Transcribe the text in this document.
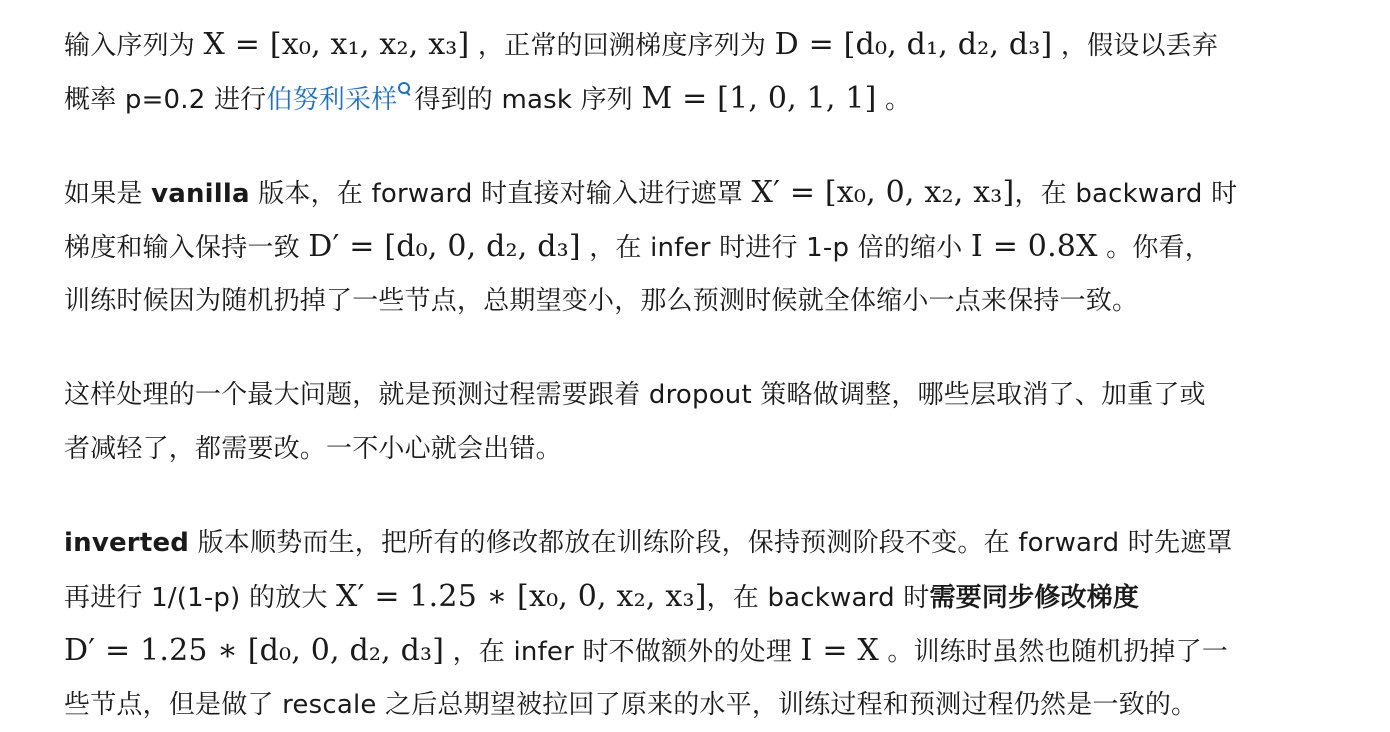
输入序列为 X = [x₀, x₁, x₂, x₃] ，正常的回溯梯度序列为 D = [d₀, d₁, d₂, d₃] ，假设以丢弃
概率 p=0.2 进行伯努利采样 得到的 mask 序列 M = [1, 0, 1, 1] 。

如果是 vanilla 版本，在 forward 时直接对输入进行遮罩 X′ = [x₀, 0, x₂, x₃]，在 backward 时
梯度和输入保持一致 D′ = [d₀, 0, d₂, d₃] ，在 infer 时进行 1-p 倍的缩小 I = 0.8X 。你看，
训练时候因为随机扔掉了一些节点，总期望变小，那么预测时候就全体缩小一点来保持一致。

这样处理的一个最大问题，就是预测过程需要跟着 dropout 策略做调整，哪些层取消了、加重了或
者减轻了，都需要改。一不小心就会出错。

inverted 版本顺势而生，把所有的修改都放在训练阶段，保持预测阶段不变。在 forward 时先遮罩
再进行 1/(1-p) 的放大 X′ = 1.25 ∗ [x₀, 0, x₂, x₃]，在 backward 时需要同步修改梯度
D′ = 1.25 ∗ [d₀, 0, d₂, d₃] ，在 infer 时不做额外的处理 I = X 。训练时虽然也随机扔掉了一
些节点，但是做了 rescale 之后总期望被拉回了原来的水平，训练过程和预测过程仍然是一致的。
